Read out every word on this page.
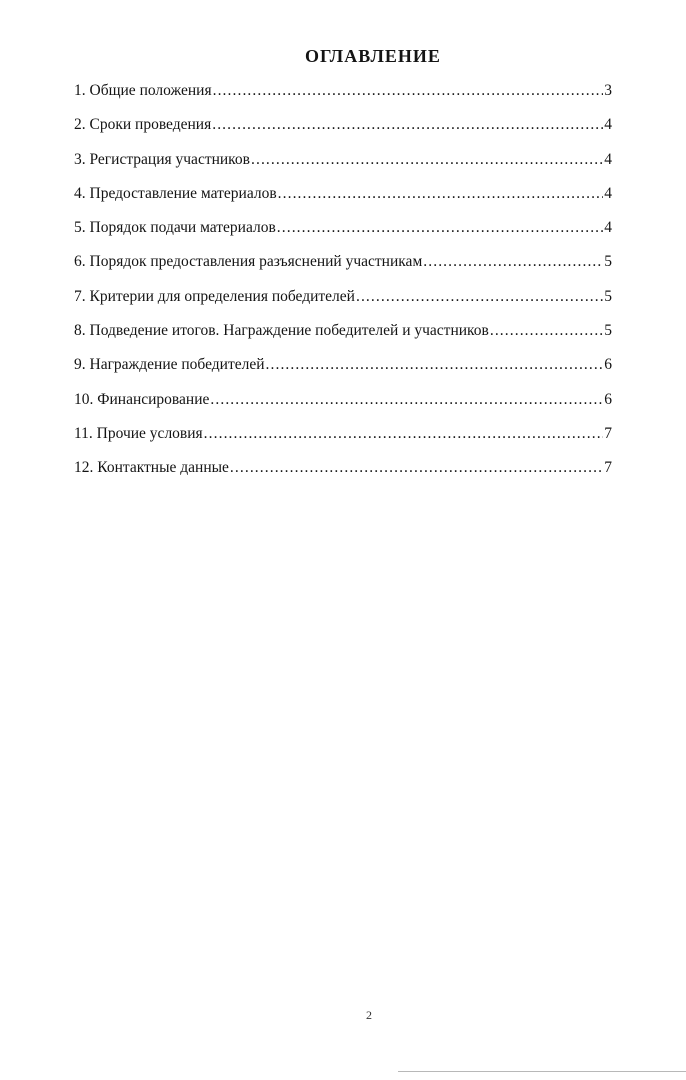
ОГЛАВЛЕНИЕ
1. Общие положения .....	3
2. Сроки проведения .....	4
3. Регистрация участников .....	4
4. Предоставление материалов .....	4
5. Порядок подачи материалов .....	4
6. Порядок предоставления разъяснений участникам .....	5
7. Критерии для определения победителей .....	5
8. Подведение итогов. Награждение победителей и участников .....	5
9. Награждение победителей .....	6
10. Финансирование .....	6
11. Прочие условия .....	7
12. Контактные данные .....	7
2
